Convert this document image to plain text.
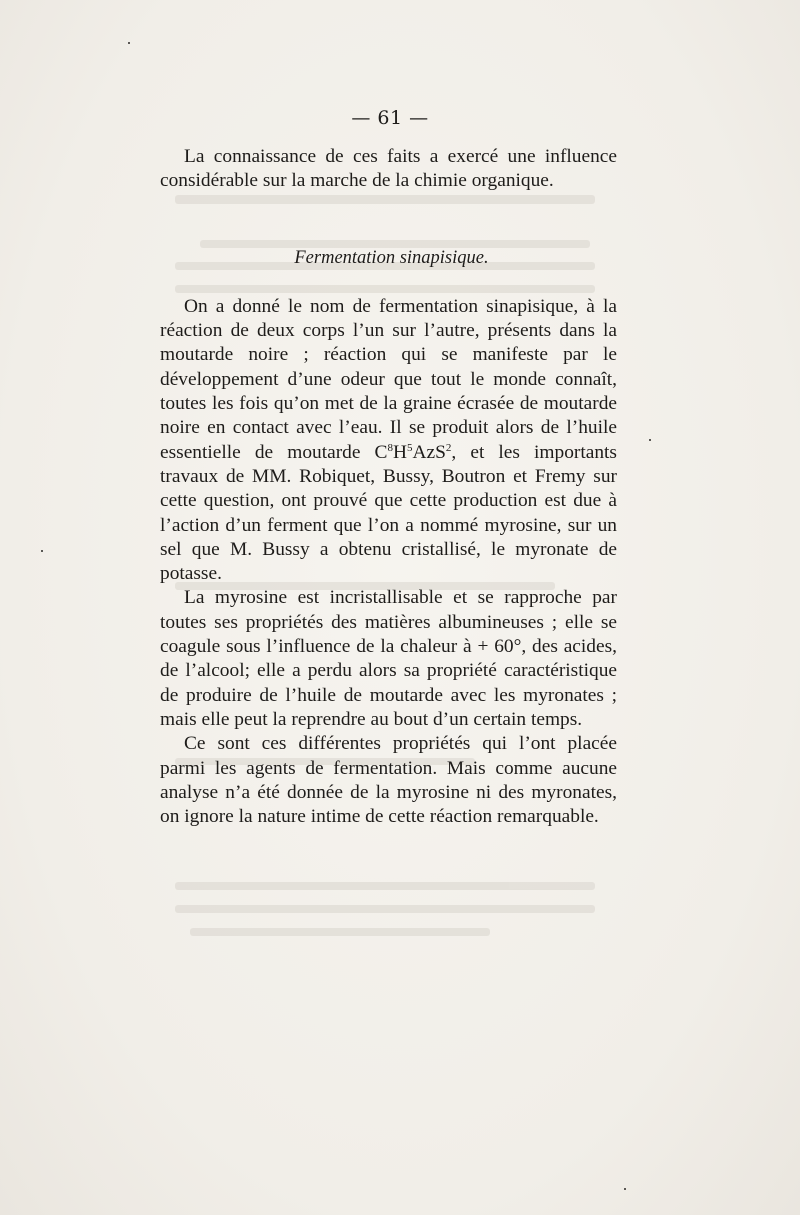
— 61 —

La connaissance de ces faits a exercé une influence considérable sur la marche de la chimie organique.

Fermentation sinapisique.

On a donné le nom de fermentation sinapisique, à la réaction de deux corps l’un sur l’autre, présents dans la moutarde noire ; réaction qui se manifeste par le développement d’une odeur que tout le monde connaît, toutes les fois qu’on met de la graine écrasée de moutarde noire en contact avec l’eau. Il se produit alors de l’huile essentielle de moutarde $C^8H^5AzS^2$, et les importants travaux de MM. Robiquet, Bussy, Boutron et Fremy sur cette question, ont prouvé que cette production est due à l’action d’un ferment que l’on a nommé myrosine, sur un sel que M. Bussy a obtenu cristallisé, le myronate de potasse.

La myrosine est incristallisable et se rapproche par toutes ses propriétés des matières albumineuses ; elle se coagule sous l’influence de la chaleur à + 60°, des acides, de l’alcool; elle a perdu alors sa propriété caractéristique de produire de l’huile de moutarde avec les myronates ; mais elle peut la reprendre au bout d’un certain temps.

Ce sont ces différentes propriétés qui l’ont placée parmi les agents de fermentation. Mais comme aucune analyse n’a été donnée de la myrosine ni des myronates, on ignore la nature intime de cette réaction remarquable.
